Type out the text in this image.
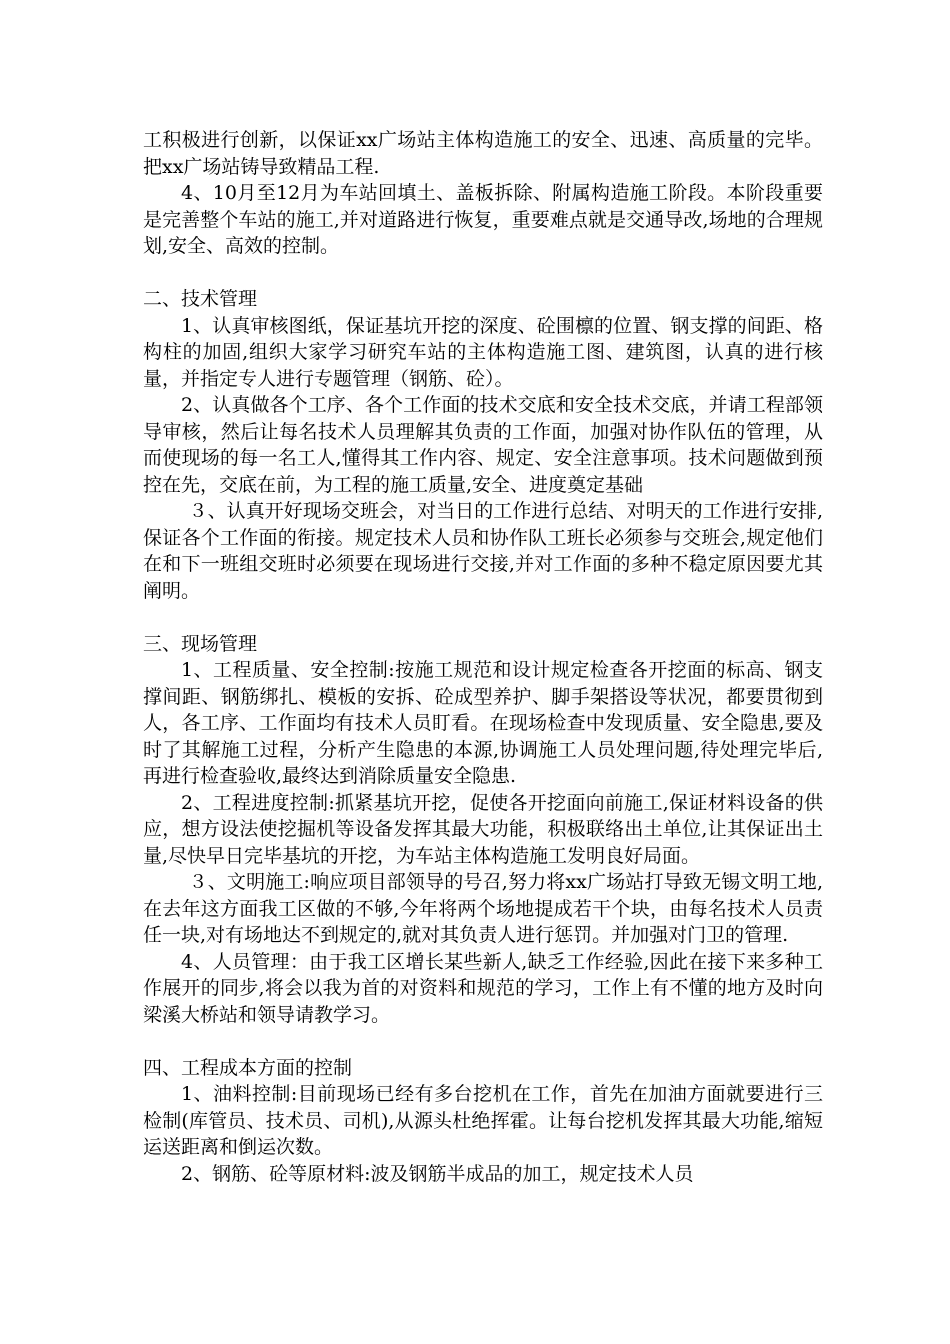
工积极进行创新，以保证xx广场站主体构造施工的安全、迅速、高质量的完毕。把xx广场站铸导致精品工程.

4、10月至12月为车站回填土、盖板拆除、附属构造施工阶段。本阶段重要是完善整个车站的施工,并对道路进行恢复，重要难点就是交通导改,场地的合理规划,安全、高效的控制。

二、技术管理

1、认真审核图纸，保证基坑开挖的深度、砼围檩的位置、钢支撑的间距、格构柱的加固,组织大家学习研究车站的主体构造施工图、建筑图，认真的进行核量，并指定专人进行专题管理（钢筋、砼）。

2、认真做各个工序、各个工作面的技术交底和安全技术交底，并请工程部领导审核，然后让每名技术人员理解其负责的工作面，加强对协作队伍的管理，从而使现场的每一名工人,懂得其工作内容、规定、安全注意事项。技术问题做到预控在先，交底在前，为工程的施工质量,安全、进度奠定基础

３、认真开好现场交班会，对当日的工作进行总结、对明天的工作进行安排,保证各个工作面的衔接。规定技术人员和协作队工班长必须参与交班会,规定他们在和下一班组交班时必须要在现场进行交接,并对工作面的多种不稳定原因要尤其阐明。

三、现场管理

1、工程质量、安全控制:按施工规范和设计规定检查各开挖面的标高、钢支撑间距、钢筋绑扎、模板的安拆、砼成型养护、脚手架搭设等状况，都要贯彻到人，各工序、工作面均有技术人员盯看。在现场检查中发现质量、安全隐患,要及时了其解施工过程，分析产生隐患的本源,协调施工人员处理问题,待处理完毕后,再进行检查验收,最终达到消除质量安全隐患.

2、工程进度控制:抓紧基坑开挖，促使各开挖面向前施工,保证材料设备的供应，想方设法使挖掘机等设备发挥其最大功能，积极联络出土单位,让其保证出土量,尽快早日完毕基坑的开挖，为车站主体构造施工发明良好局面。

３、文明施工:响应项目部领导的号召,努力将xx广场站打导致无锡文明工地,在去年这方面我工区做的不够,今年将两个场地提成若干个块，由每名技术人员责任一块,对有场地达不到规定的,就对其负责人进行惩罚。并加强对门卫的管理.

4、人员管理：由于我工区增长某些新人,缺乏工作经验,因此在接下来多种工作展开的同步,将会以我为首的对资料和规范的学习，工作上有不懂的地方及时向梁溪大桥站和领导请教学习。

四、工程成本方面的控制

1、油料控制:目前现场已经有多台挖机在工作，首先在加油方面就要进行三检制(库管员、技术员、司机),从源头杜绝挥霍。让每台挖机发挥其最大功能,缩短运送距离和倒运次数。

2、钢筋、砼等原材料:波及钢筋半成品的加工，规定技术人员
